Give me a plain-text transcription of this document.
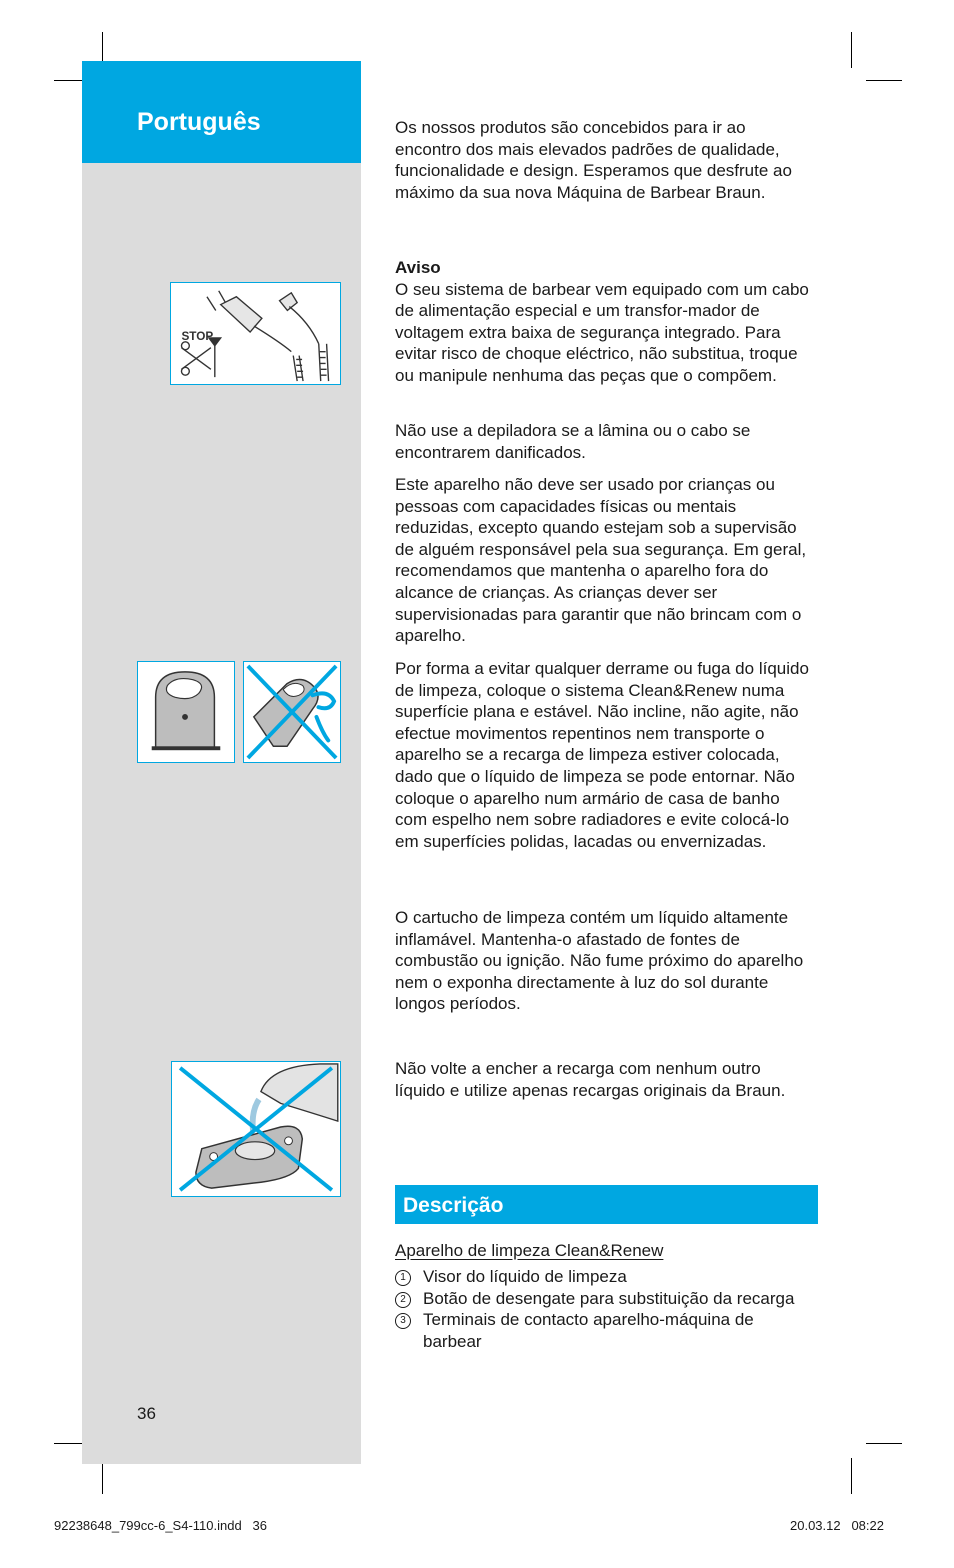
Português
STOP

Os nossos produtos são concebidos para ir ao encontro dos mais elevados padrões de qualidade, funcionalidade e design. Esperamos que desfrute ao máximo da sua nova Máquina de Barbear Braun.

Aviso
O seu sistema de barbear vem equipado com um cabo de alimentação especial e um transfor-mador de voltagem extra baixa de segurança integrado. Para evitar risco de choque eléctrico, não substitua, troque ou manipule nenhuma das peças que o compõem.

Não use a depiladora se a lâmina ou o cabo se encontrarem danificados.

Este aparelho não deve ser usado por crianças ou pessoas com capacidades físicas ou mentais reduzidas, excepto quando estejam sob a supervisão de alguém responsável pela sua segurança. Em geral, recomendamos que mantenha o aparelho fora do alcance de crianças. As crianças dever ser supervisionadas para garantir que não brincam com o aparelho.

Por forma a evitar qualquer derrame ou fuga do líquido de limpeza, coloque o sistema Clean&Renew numa superfície plana e estável. Não incline, não agite, não efectue movimentos repentinos nem transporte o aparelho se a recarga de limpeza estiver colocada, dado que o líquido de limpeza se pode entornar. Não coloque o aparelho num armário de casa de banho com espelho nem sobre radiadores e evite colocá-lo em superfícies polidas, lacadas ou envernizadas.

O cartucho de limpeza contém um líquido altamente inflamável. Mantenha-o afastado de fontes de combustão ou ignição. Não fume próximo do aparelho nem o exponha directamente à luz do sol durante longos períodos.

Não volte a encher a recarga com nenhum outro líquido e utilize apenas recargas originais da Braun.

Descrição

Aparelho de limpeza Clean&Renew

1	Visor do líquido de limpeza
2	Botão de desengate para substituição da recarga
3	Terminais de contacto aparelho-máquina de barbear

36

92238648_799cc-6_S4-110.indd   36	20.03.12   08:22
